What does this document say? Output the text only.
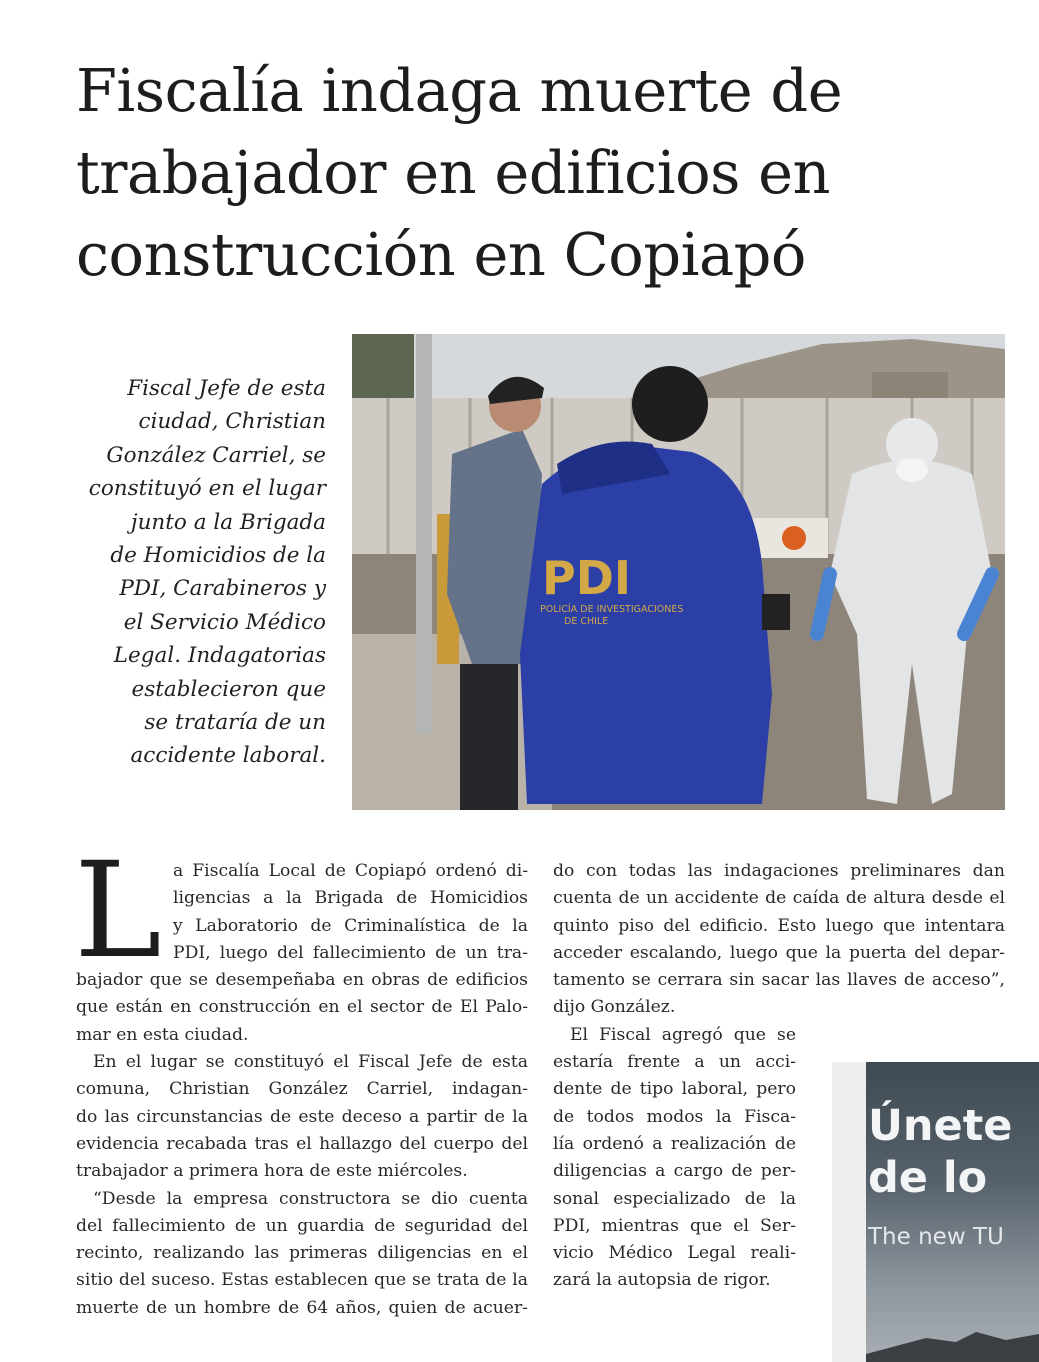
Fiscalía indaga muerte de
trabajador en edificios en
construcción en Copiapó
Fiscal Jefe de esta
ciudad, Christian
González Carriel, se
constituyó en el lugar
junto a la Brigada
de Homicidios de la
PDI, Carabineros y
el Servicio Médico
Legal. Indagatorias
establecieron que
se trataría de un
accidente laboral.
PDI
POLICÍA DE INVESTIGACIONES
DE CHILE
L a Fiscalía Local de Copiapó ordenó di-
ligencias a la Brigada de Homicidios
y Laboratorio de Criminalística de la
PDI, luego del fallecimiento de un tra-
bajador que se desempeñaba en obras de edificios
que están en construcción en el sector de El Palo-
mar en esta ciudad.
En el lugar se constituyó el Fiscal Jefe de esta
comuna, Christian González Carriel, indagan-
do las circunstancias de este deceso a partir de la
evidencia recabada tras el hallazgo del cuerpo del
trabajador a primera hora de este miércoles.
“Desde la empresa constructora se dio cuenta
del fallecimiento de un guardia de seguridad del
recinto, realizando las primeras diligencias en el
sitio del suceso. Estas establecen que se trata de la
muerte de un hombre de 64 años, quien de acuer-
do con todas las indagaciones preliminares dan
cuenta de un accidente de caída de altura desde el
quinto piso del edificio. Esto luego que intentara
acceder escalando, luego que la puerta del depar-
tamento se cerrara sin sacar las llaves de acceso”,
dijo González.
El Fiscal agregó que se
estaría frente a un acci-
dente de tipo laboral, pero
de todos modos la Fisca-
lía ordenó a realización de
diligencias a cargo de per-
sonal especializado de la
PDI, mientras que el Ser-
vicio Médico Legal reali-
zará la autopsia de rigor.
Únete
de lo
The new TU
